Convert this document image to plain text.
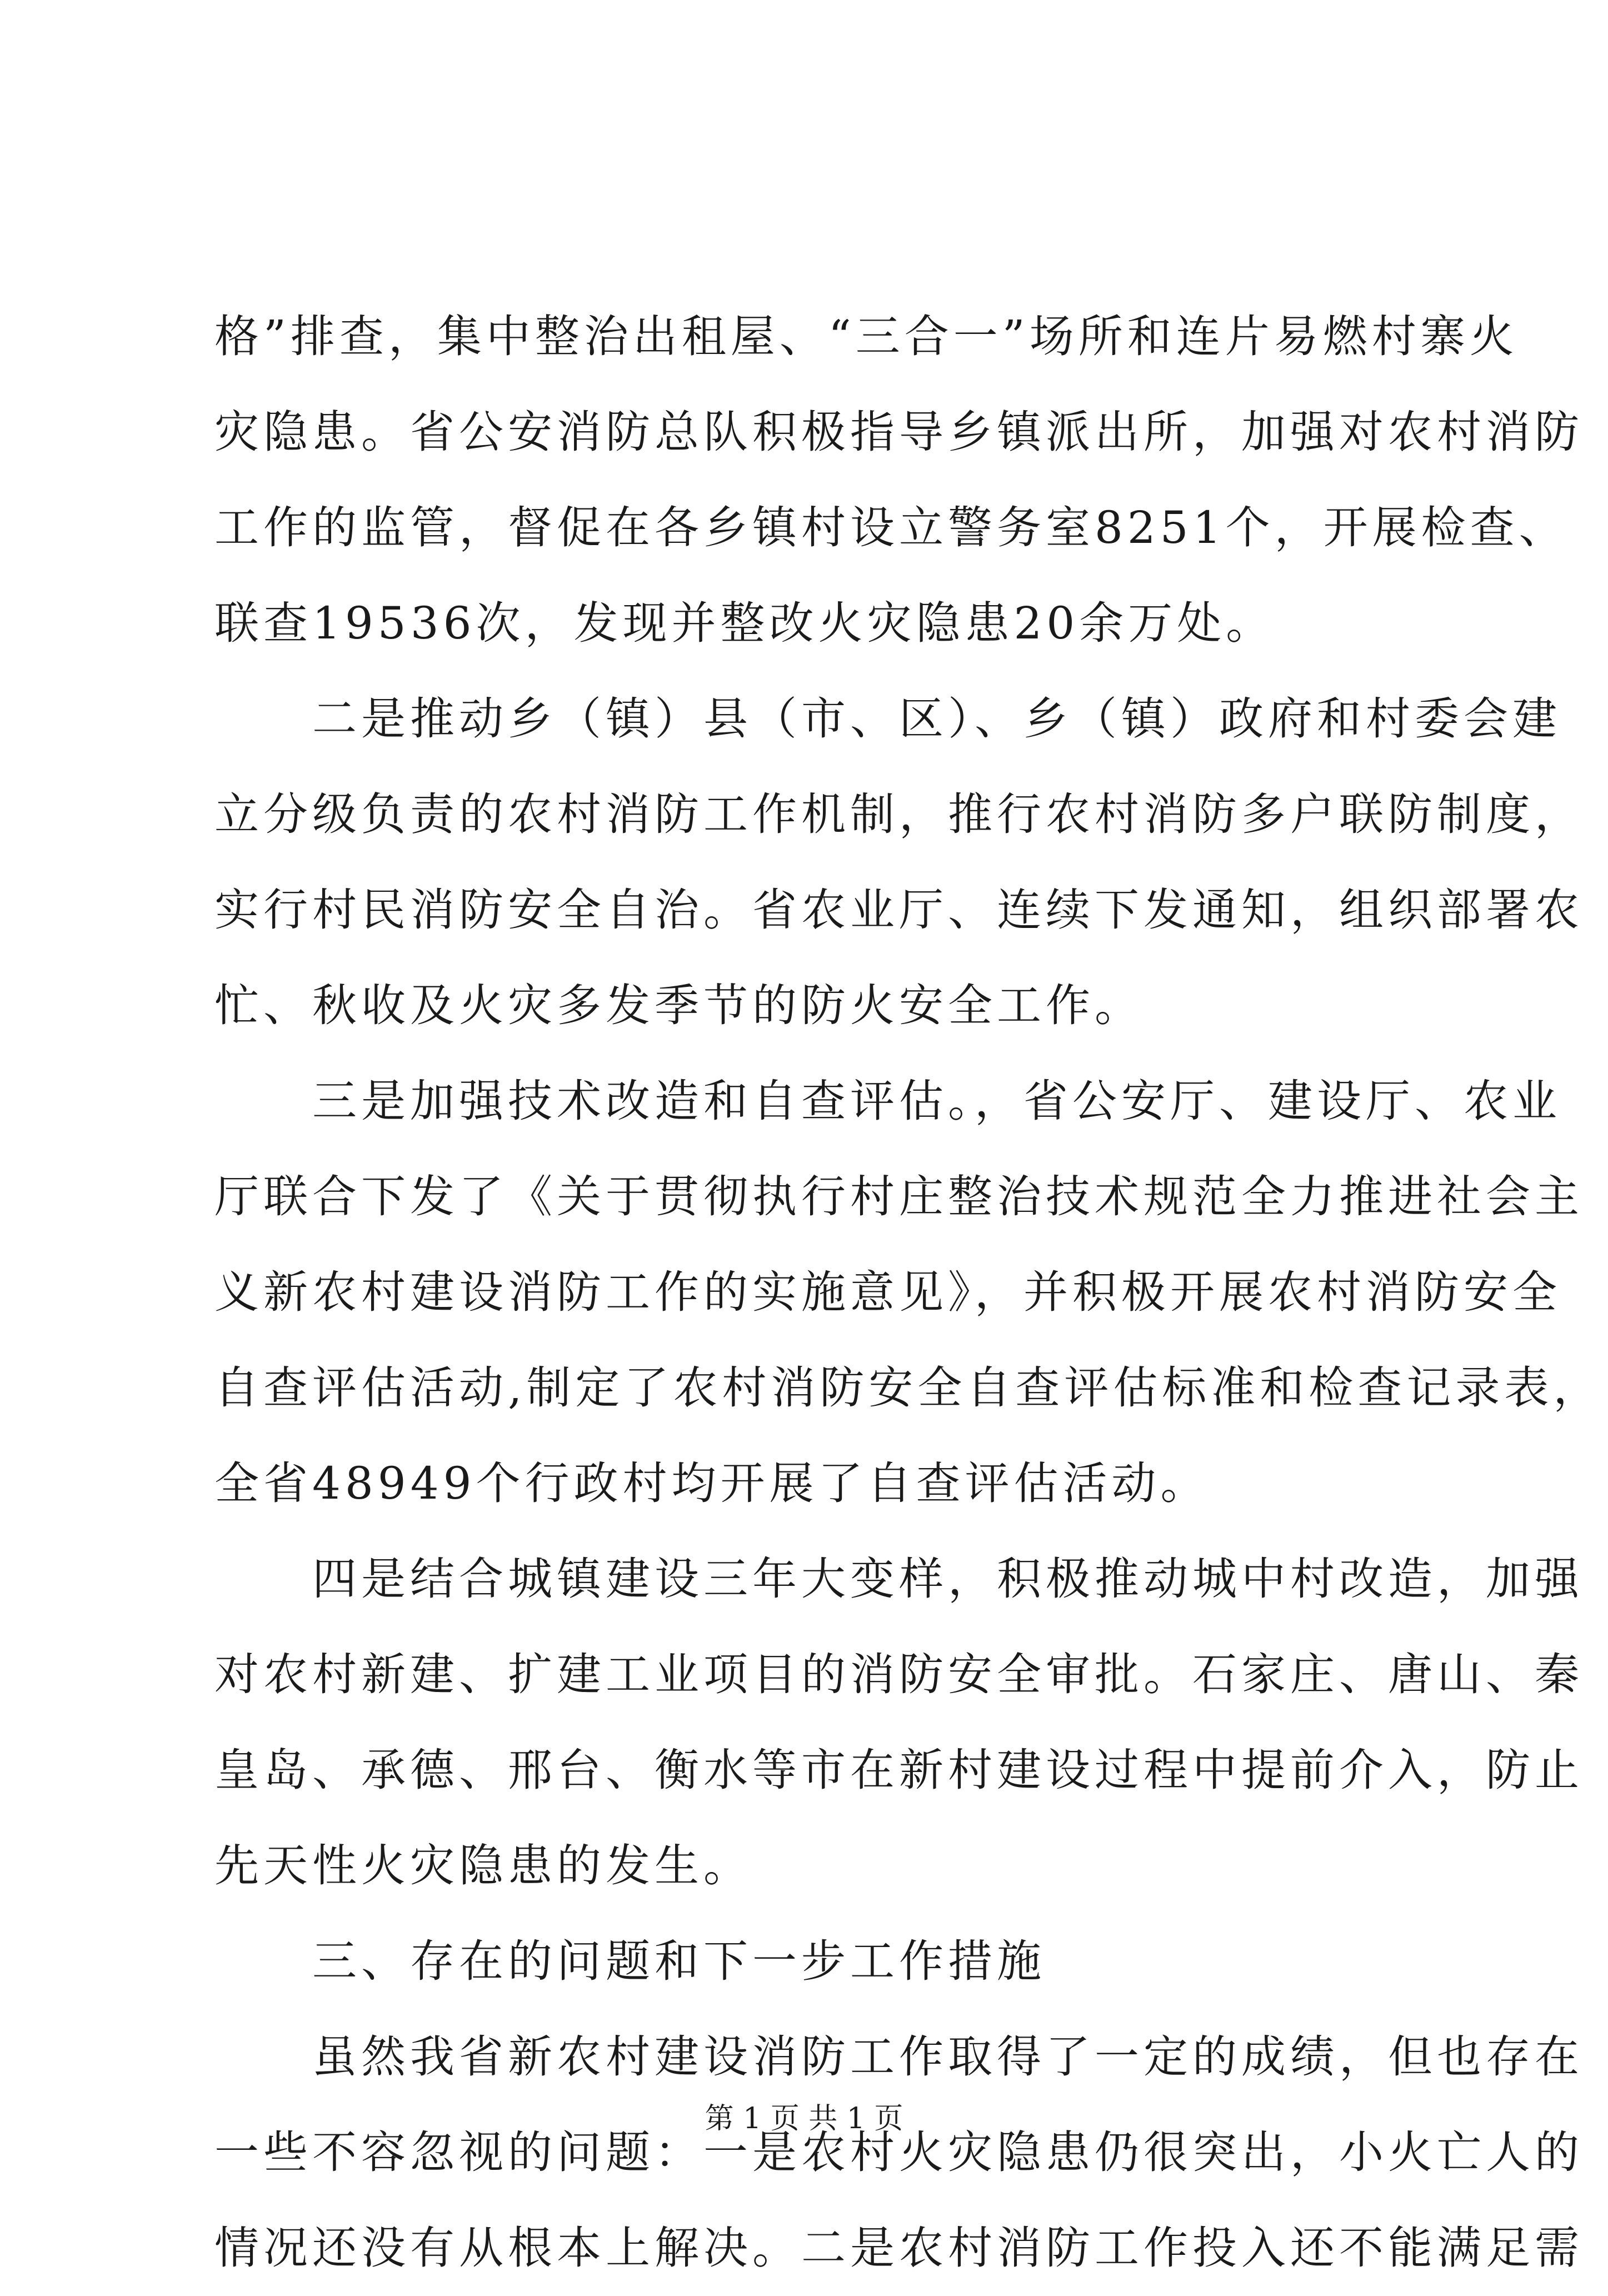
格”排查，集中整治出租屋、“三合一”场所和连片易燃村寨火
灾隐患。省公安消防总队积极指导乡镇派出所，加强对农村消防
工作的监管，督促在各乡镇村设立警务室8251个，开展检查、
联查19536次，发现并整改火灾隐患20余万处。
二是推动乡（镇）县（市、区）、乡（镇）政府和村委会建
立分级负责的农村消防工作机制，推行农村消防多户联防制度，
实行村民消防安全自治。省农业厅、连续下发通知，组织部署农
忙、秋收及火灾多发季节的防火安全工作。
三是加强技术改造和自查评估。，省公安厅、建设厅、农业
厅联合下发了《关于贯彻执行村庄整治技术规范全力推进社会主
义新农村建设消防工作的实施意见》，并积极开展农村消防安全
自查评估活动,制定了农村消防安全自查评估标准和检查记录表，
全省48949个行政村均开展了自查评估活动。
四是结合城镇建设三年大变样，积极推动城中村改造，加强
对农村新建、扩建工业项目的消防安全审批。石家庄、唐山、秦
皇岛、承德、邢台、衡水等市在新村建设过程中提前介入，防止
先天性火灾隐患的发生。
三、存在的问题和下一步工作措施
虽然我省新农村建设消防工作取得了一定的成绩，但也存在
一些不容忽视的问题：一是农村火灾隐患仍很突出，小火亡人的
情况还没有从根本上解决。二是农村消防工作投入还不能满足需
第 1 页 共 1 页
